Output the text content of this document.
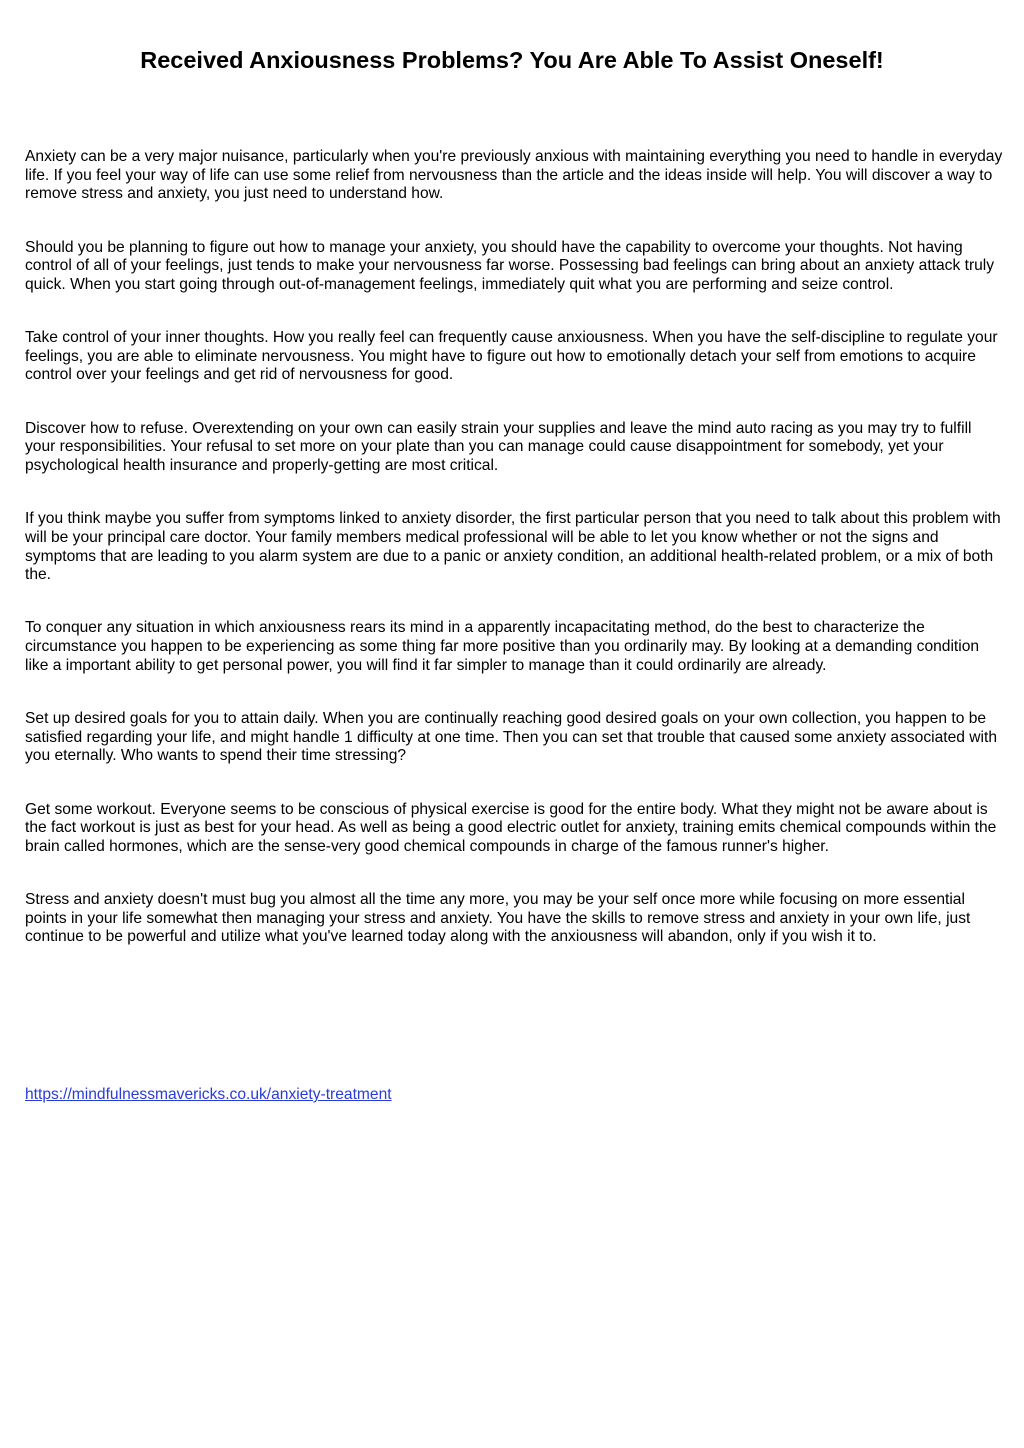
Received Anxiousness Problems? You Are Able To Assist Oneself!

Anxiety can be a very major nuisance, particularly when you're previously anxious with maintaining everything you need to handle in everyday life. If you feel your way of life can use some relief from nervousness than the article and the ideas inside will help. You will discover a way to remove stress and anxiety, you just need to understand how.

Should you be planning to figure out how to manage your anxiety, you should have the capability to overcome your thoughts. Not having control of all of your feelings, just tends to make your nervousness far worse. Possessing bad feelings can bring about an anxiety attack truly quick. When you start going through out-of-management feelings, immediately quit what you are performing and seize control.

Take control of your inner thoughts. How you really feel can frequently cause anxiousness. When you have the self-discipline to regulate your feelings, you are able to eliminate nervousness. You might have to figure out how to emotionally detach your self from emotions to acquire control over your feelings and get rid of nervousness for good.

Discover how to refuse. Overextending on your own can easily strain your supplies and leave the mind auto racing as you may try to fulfill your responsibilities. Your refusal to set more on your plate than you can manage could cause disappointment for somebody, yet your psychological health insurance and properly-getting are most critical.

If you think maybe you suffer from symptoms linked to anxiety disorder, the first particular person that you need to talk about this problem with will be your principal care doctor. Your family members medical professional will be able to let you know whether or not the signs and symptoms that are leading to you alarm system are due to a panic or anxiety condition, an additional health-related problem, or a mix of both the.

To conquer any situation in which anxiousness rears its mind in a apparently incapacitating method, do the best to characterize the circumstance you happen to be experiencing as some thing far more positive than you ordinarily may. By looking at a demanding condition like a important ability to get personal power, you will find it far simpler to manage than it could ordinarily are already.

Set up desired goals for you to attain daily. When you are continually reaching good desired goals on your own collection, you happen to be satisfied regarding your life, and might handle 1 difficulty at one time. Then you can set that trouble that caused some anxiety associated with you eternally. Who wants to spend their time stressing?

Get some workout. Everyone seems to be conscious of physical exercise is good for the entire body. What they might not be aware about is the fact workout is just as best for your head. As well as being a good electric outlet for anxiety, training emits chemical compounds within the brain called hormones, which are the sense-very good chemical compounds in charge of the famous runner's higher.

Stress and anxiety doesn't must bug you almost all the time any more, you may be your self once more while focusing on more essential points in your life somewhat then managing your stress and anxiety. You have the skills to remove stress and anxiety in your own life, just continue to be powerful and utilize what you've learned today along with the anxiousness will abandon, only if you wish it to.

https://mindfulnessmavericks.co.uk/anxiety-treatment
